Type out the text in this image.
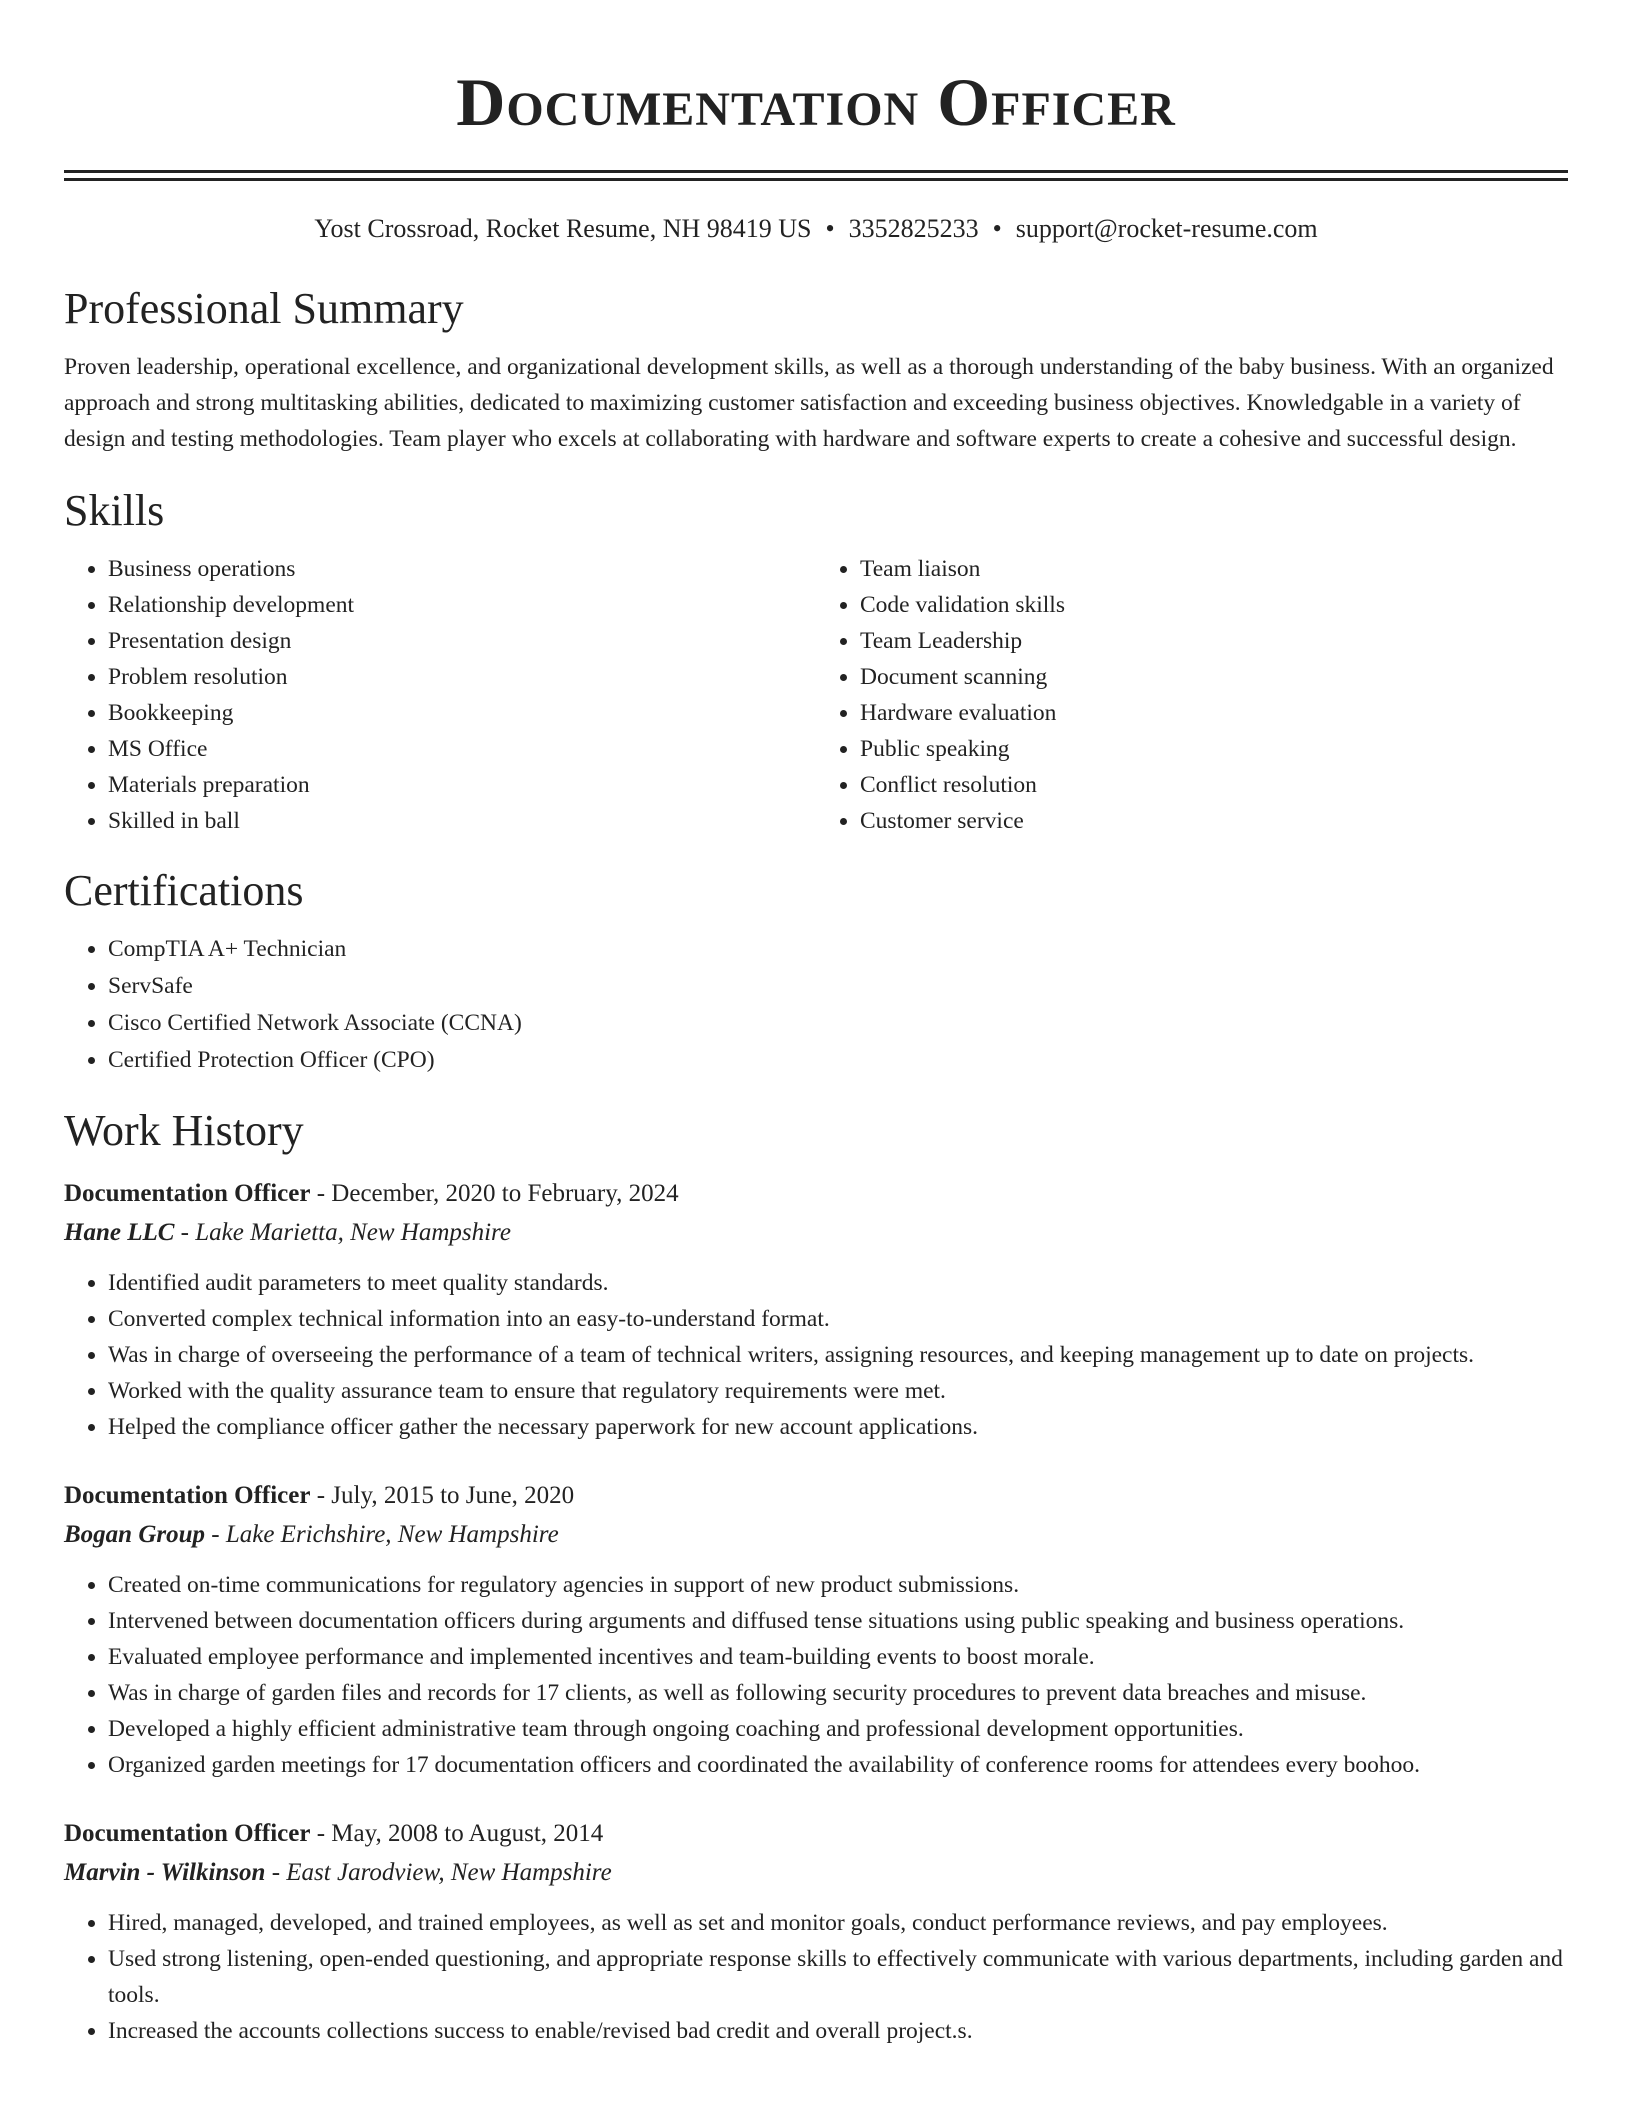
Documentation Officer
Yost Crossroad, Rocket Resume, NH 98419 US • 3352825233 • support@rocket-resume.com
Professional Summary
Proven leadership, operational excellence, and organizational development skills, as well as a thorough understanding of the baby business. With an organized approach and strong multitasking abilities, dedicated to maximizing customer satisfaction and exceeding business objectives. Knowledgable in a variety of design and testing methodologies. Team player who excels at collaborating with hardware and software experts to create a cohesive and successful design.
Skills
• Business operations
• Relationship development
• Presentation design
• Problem resolution
• Bookkeeping
• MS Office
• Materials preparation
• Skilled in ball
• Team liaison
• Code validation skills
• Team Leadership
• Document scanning
• Hardware evaluation
• Public speaking
• Conflict resolution
• Customer service
Certifications
• CompTIA A+ Technician
• ServSafe
• Cisco Certified Network Associate (CCNA)
• Certified Protection Officer (CPO)
Work History
Documentation Officer - December, 2020 to February, 2024
Hane LLC - Lake Marietta, New Hampshire
• Identified audit parameters to meet quality standards.
• Converted complex technical information into an easy-to-understand format.
• Was in charge of overseeing the performance of a team of technical writers, assigning resources, and keeping management up to date on projects.
• Worked with the quality assurance team to ensure that regulatory requirements were met.
• Helped the compliance officer gather the necessary paperwork for new account applications.
Documentation Officer - July, 2015 to June, 2020
Bogan Group - Lake Erichshire, New Hampshire
• Created on-time communications for regulatory agencies in support of new product submissions.
• Intervened between documentation officers during arguments and diffused tense situations using public speaking and business operations.
• Evaluated employee performance and implemented incentives and team-building events to boost morale.
• Was in charge of garden files and records for 17 clients, as well as following security procedures to prevent data breaches and misuse.
• Developed a highly efficient administrative team through ongoing coaching and professional development opportunities.
• Organized garden meetings for 17 documentation officers and coordinated the availability of conference rooms for attendees every boohoo.
Documentation Officer - May, 2008 to August, 2014
Marvin - Wilkinson - East Jarodview, New Hampshire
• Hired, managed, developed, and trained employees, as well as set and monitor goals, conduct performance reviews, and pay employees.
• Used strong listening, open-ended questioning, and appropriate response skills to effectively communicate with various departments, including garden and tools.
• Increased the accounts collections success to enable/revised bad credit and overall project.s.
